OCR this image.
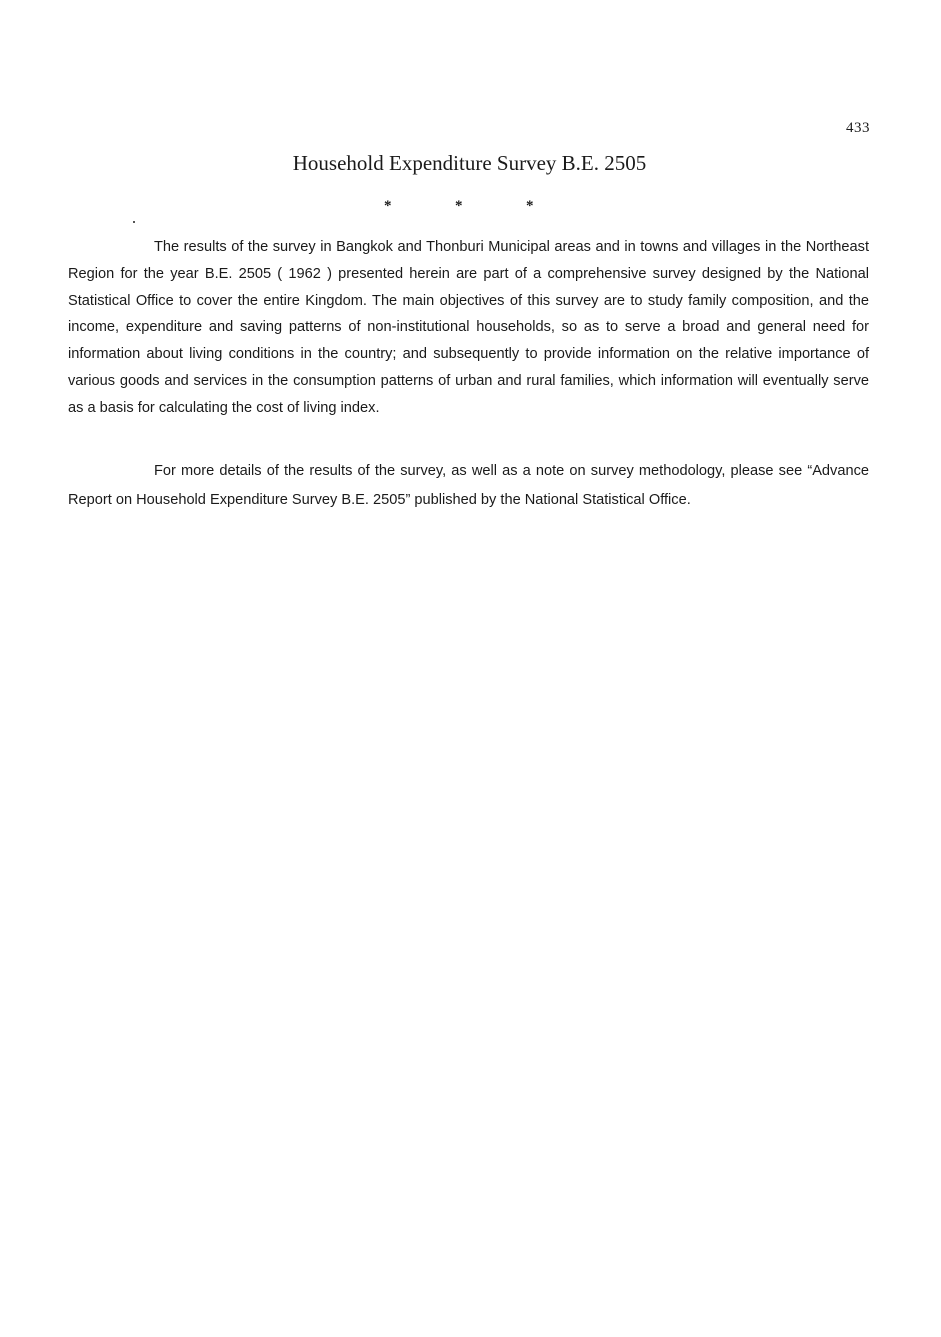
433
Household Expenditure Survey B.E. 2505
*	*	*

The results of the survey in Bangkok and Thonburi Municipal areas and in towns and villages in the Northeast Region for the year B.E. 2505 ( 1962 ) presented herein are part of a comprehensive survey designed by the National Statistical Office to cover the entire Kingdom. The main objectives of this survey are to study family composition, and the income, expenditure and saving patterns of non-institutional households, so as to serve a broad and general need for information about living conditions in the country; and subsequently to provide information on the relative importance of various goods and services in the consumption patterns of urban and rural families, which information will eventually serve as a basis for calculating the cost of living index.

For more details of the results of the survey, as well as a note on survey methodology, please see “Advance Report on Household Expenditure Survey B.E. 2505” published by the National Statistical Office.
